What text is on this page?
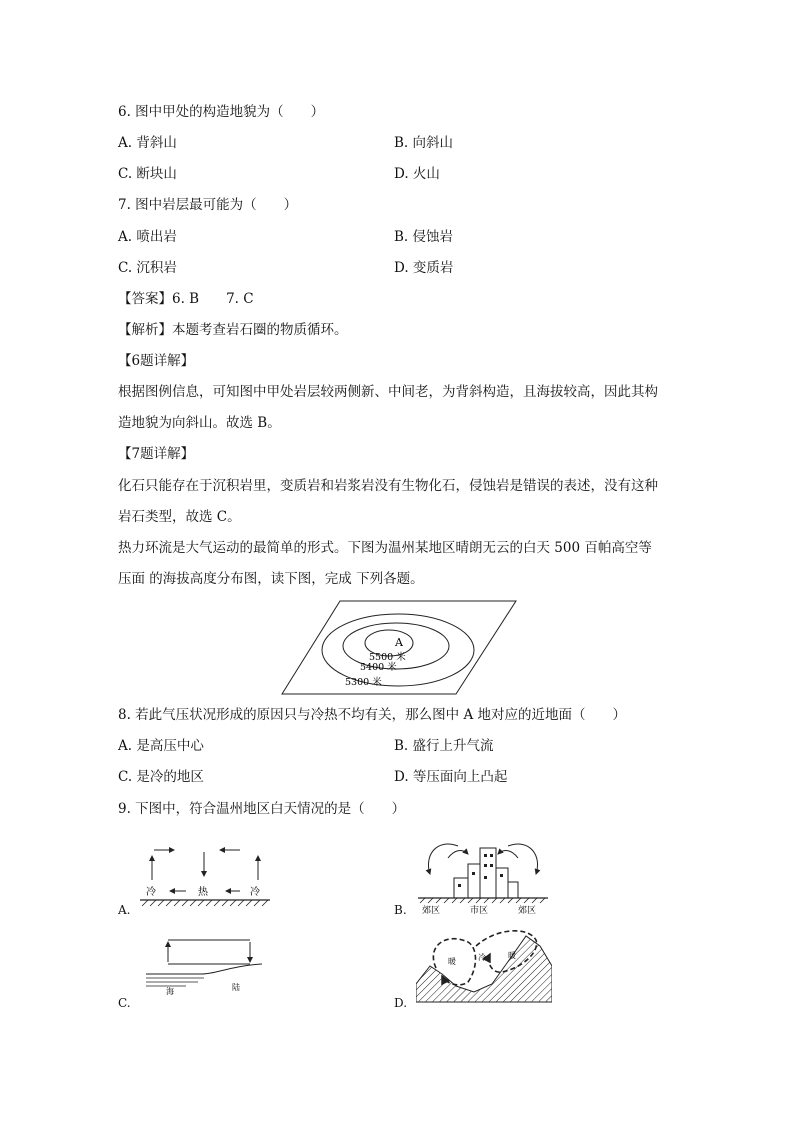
6. 图中甲处的构造地貌为（　　）
A. 背斜山	B. 向斜山
C. 断块山	D. 火山
7. 图中岩层最可能为（　　）
A. 喷出岩	B. 侵蚀岩
C. 沉积岩	D. 变质岩
【答案】6. B　　7. C
【解析】本题考查岩石圈的物质循环。
【6题详解】
根据图例信息，可知图中甲处岩层较两侧新、中间老，为背斜构造，且海拔较高，因此其构
造地貌为向斜山。故选 B。
【7题详解】
化石只能存在于沉积岩里，变质岩和岩浆岩没有生物化石，侵蚀岩是错误的表述，没有这种
岩石类型，故选 C。
热力环流是大气运动的最简单的形式。下图为温州某地区晴朗无云的白天 500 百帕高空等
压面 的海拔高度分布图，读下图，完成 下列各题。
A
5500 米
5400 米
5300 米
8. 若此气压状况形成的原因只与冷热不均有关，那么图中 A 地对应的近地面（　　）
A. 是高压中心	B. 盛行上升气流
C. 是冷的地区	D. 等压面向上凸起
9. 下图中，符合温州地区白天情况的是（　　）
A.
冷	热	冷
B. 郊区	市区	郊区
C.
海	陆
D.
暖	冷	暖
